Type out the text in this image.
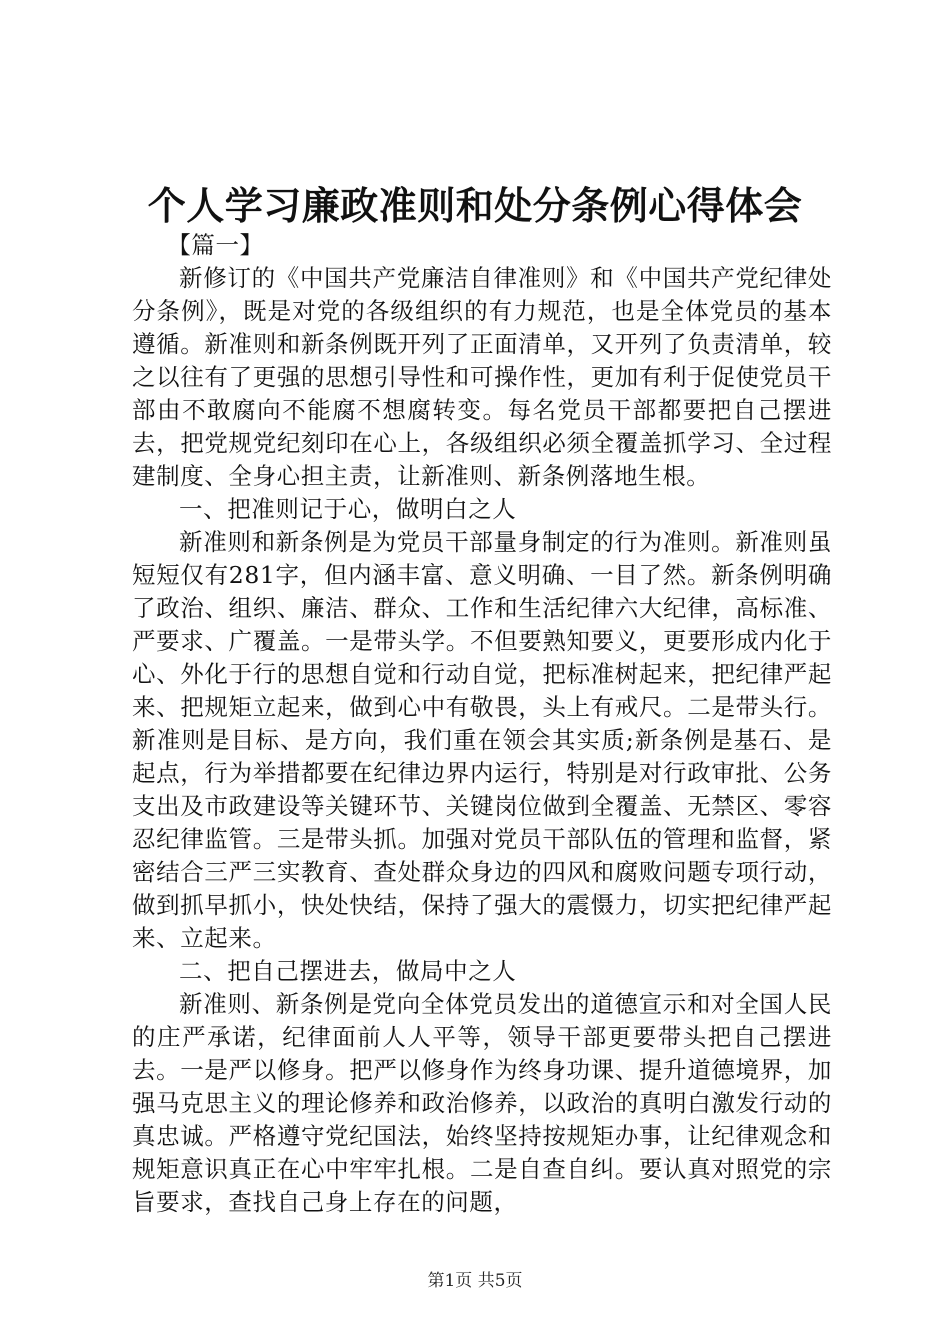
个人学习廉政准则和处分条例心得体会

【篇一】

新修订的《中国共产党廉洁自律准则》和《中国共产党纪律处分条例》，既是对党的各级组织的有力规范，也是全体党员的基本遵循。新准则和新条例既开列了正面清单，又开列了负责清单，较之以往有了更强的思想引导性和可操作性，更加有利于促使党员干部由不敢腐向不能腐不想腐转变。每名党员干部都要把自己摆进去，把党规党纪刻印在心上，各级组织必须全覆盖抓学习、全过程建制度、全身心担主责，让新准则、新条例落地生根。

一、把准则记于心，做明白之人

新准则和新条例是为党员干部量身制定的行为准则。新准则虽短短仅有281字，但内涵丰富、意义明确、一目了然。新条例明确了政治、组织、廉洁、群众、工作和生活纪律六大纪律，高标准、严要求、广覆盖。一是带头学。不但要熟知要义，更要形成内化于心、外化于行的思想自觉和行动自觉，把标准树起来，把纪律严起来、把规矩立起来，做到心中有敬畏，头上有戒尺。二是带头行。新准则是目标、是方向，我们重在领会其实质;新条例是基石、是起点，行为举措都要在纪律边界内运行，特别是对行政审批、公务支出及市政建设等关键环节、关键岗位做到全覆盖、无禁区、零容忍纪律监管。三是带头抓。加强对党员干部队伍的管理和监督，紧密结合三严三实教育、查处群众身边的四风和腐败问题专项行动，做到抓早抓小，快处快结，保持了强大的震慑力，切实把纪律严起来、立起来。

二、把自己摆进去，做局中之人

新准则、新条例是党向全体党员发出的道德宣示和对全国人民的庄严承诺，纪律面前人人平等，领导干部更要带头把自己摆进去。一是严以修身。把严以修身作为终身功课、提升道德境界，加强马克思主义的理论修养和政治修养，以政治的真明白激发行动的真忠诚。严格遵守党纪国法，始终坚持按规矩办事，让纪律观念和规矩意识真正在心中牢牢扎根。二是自查自纠。要认真对照党的宗旨要求，查找自己身上存在的问题，

第1页 共5页
